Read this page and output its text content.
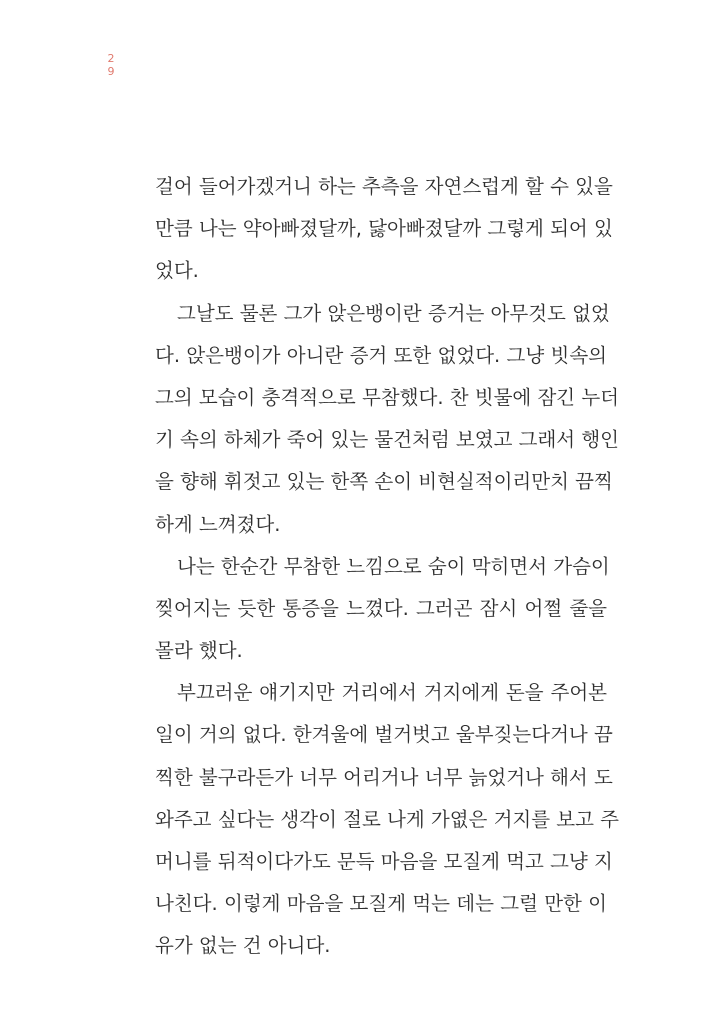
2
9
걸어 들어가겠거니 하는 추측을 자연스럽게 할 수 있을
만큼 나는 약아빠졌달까, 닳아빠졌달까 그렇게 되어 있
었다.
그날도 물론 그가 앉은뱅이란 증거는 아무것도 없었
다. 앉은뱅이가 아니란 증거 또한 없었다. 그냥 빗속의
그의 모습이 충격적으로 무참했다. 찬 빗물에 잠긴 누더
기 속의 하체가 죽어 있는 물건처럼 보였고 그래서 행인
을 향해 휘젓고 있는 한쪽 손이 비현실적이리만치 끔찍
하게 느껴졌다.
나는 한순간 무참한 느낌으로 숨이 막히면서 가슴이
찢어지는 듯한 통증을 느꼈다. 그러곤 잠시 어쩔 줄을
몰라 했다.
부끄러운 얘기지만 거리에서 거지에게 돈을 주어본
일이 거의 없다. 한겨울에 벌거벗고 울부짖는다거나 끔
찍한 불구라든가 너무 어리거나 너무 늙었거나 해서 도
와주고 싶다는 생각이 절로 나게 가엾은 거지를 보고 주
머니를 뒤적이다가도 문득 마음을 모질게 먹고 그냥 지
나친다. 이렇게 마음을 모질게 먹는 데는 그럴 만한 이
유가 없는 건 아니다.
